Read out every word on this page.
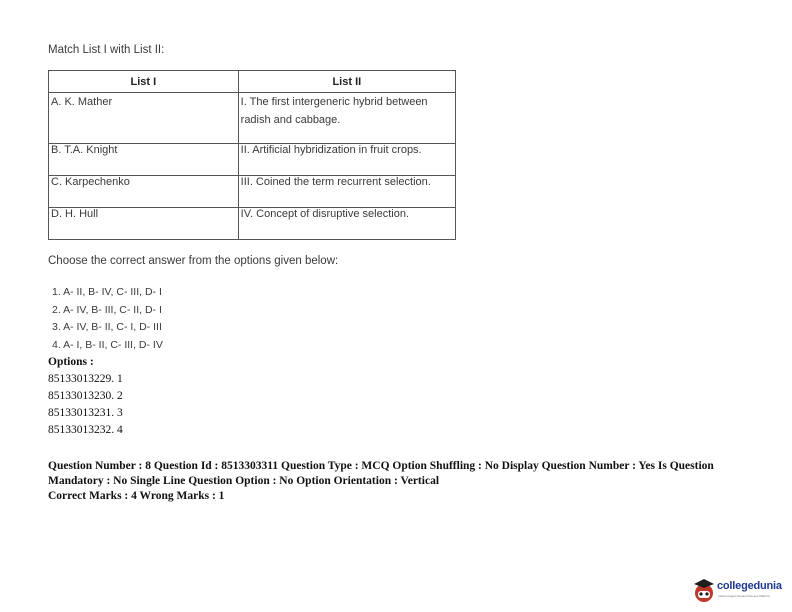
Match List I with List II:
List I	List II
A. K. Mather	I. The first intergeneric hybrid between radish and cabbage.
B. T.A. Knight	II. Artificial hybridization in fruit crops.
C. Karpechenko	III. Coined the term recurrent selection.
D. H. Hull	IV. Concept of disruptive selection.
Choose the correct answer from the options given below:
1. A- II, B- IV, C- III, D- I
2. A- IV, B- III, C- II, D- I
3. A- IV, B- II, C- I, D- III
4. A- I, B- II, C- III, D- IV
Options :
85133013229. 1
85133013230. 2
85133013231. 3
85133013232. 4
Question Number : 8 Question Id : 8513303311 Question Type : MCQ Option Shuffling : No Display Question Number : Yes Is Question
Mandatory : No Single Line Question Option : No Option Orientation : Vertical
Correct Marks : 4 Wrong Marks : 1
collegedunia
India's largest Student Review Platform
